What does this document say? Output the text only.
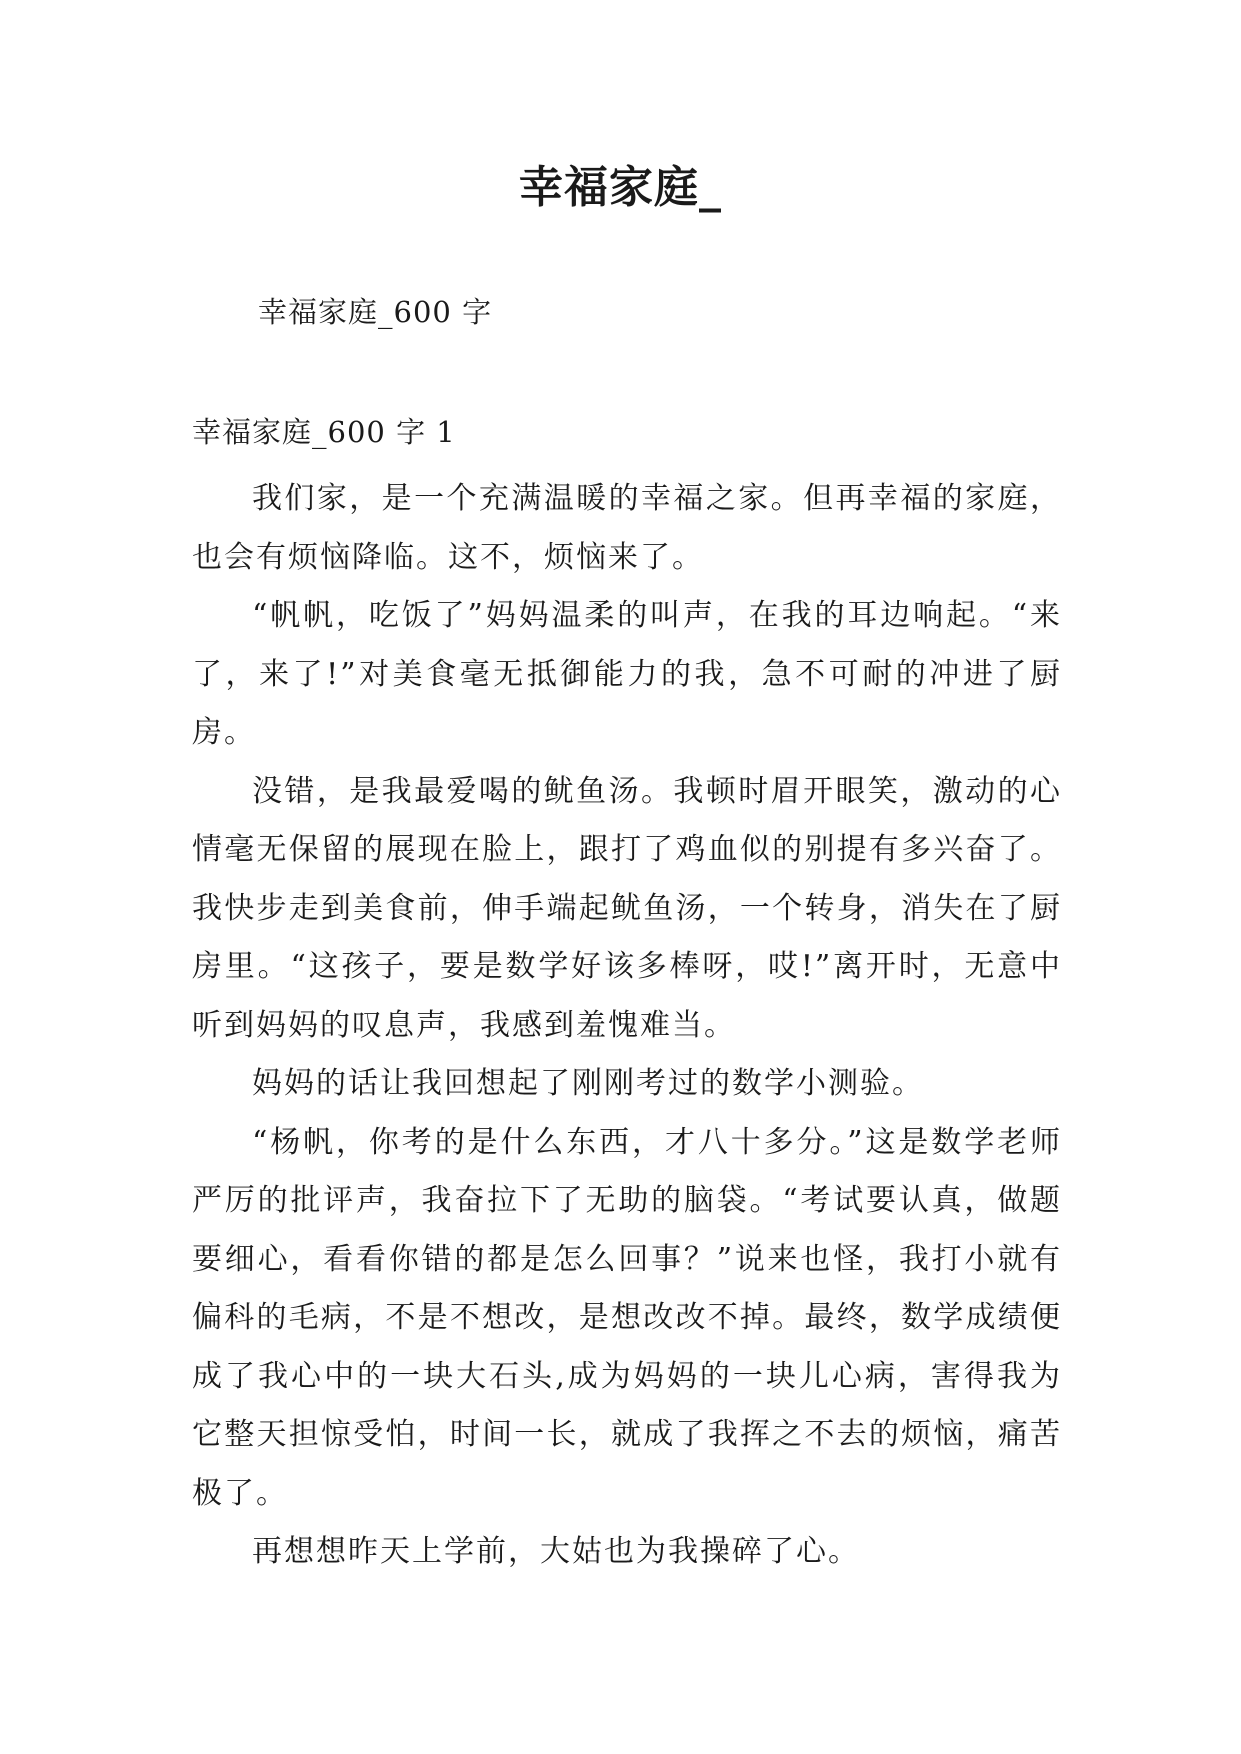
幸福家庭_
幸福家庭_600 字
幸福家庭_600 字 1

我们家，是一个充满温暖的幸福之家。但再幸福的家庭，也会有烦恼降临。这不，烦恼来了。

“帆帆，吃饭了”妈妈温柔的叫声，在我的耳边响起。“来了，来了!”对美食毫无抵御能力的我，急不可耐的冲进了厨房。

没错，是我最爱喝的鱿鱼汤。我顿时眉开眼笑，激动的心情毫无保留的展现在脸上，跟打了鸡血似的别提有多兴奋了。我快步走到美食前，伸手端起鱿鱼汤，一个转身，消失在了厨房里。“这孩子，要是数学好该多棒呀，哎!”离开时，无意中听到妈妈的叹息声，我感到羞愧难当。

妈妈的话让我回想起了刚刚考过的数学小测验。

“杨帆，你考的是什么东西，才八十多分。”这是数学老师严厉的批评声，我奋拉下了无助的脑袋。“考试要认真，做题要细心，看看你错的都是怎么回事？”说来也怪，我打小就有偏科的毛病，不是不想改，是想改改不掉。最终，数学成绩便成了我心中的一块大石头,成为妈妈的一块儿心病，害得我为它整天担惊受怕，时间一长，就成了我挥之不去的烦恼，痛苦极了。

再想想昨天上学前，大姑也为我操碎了心。
